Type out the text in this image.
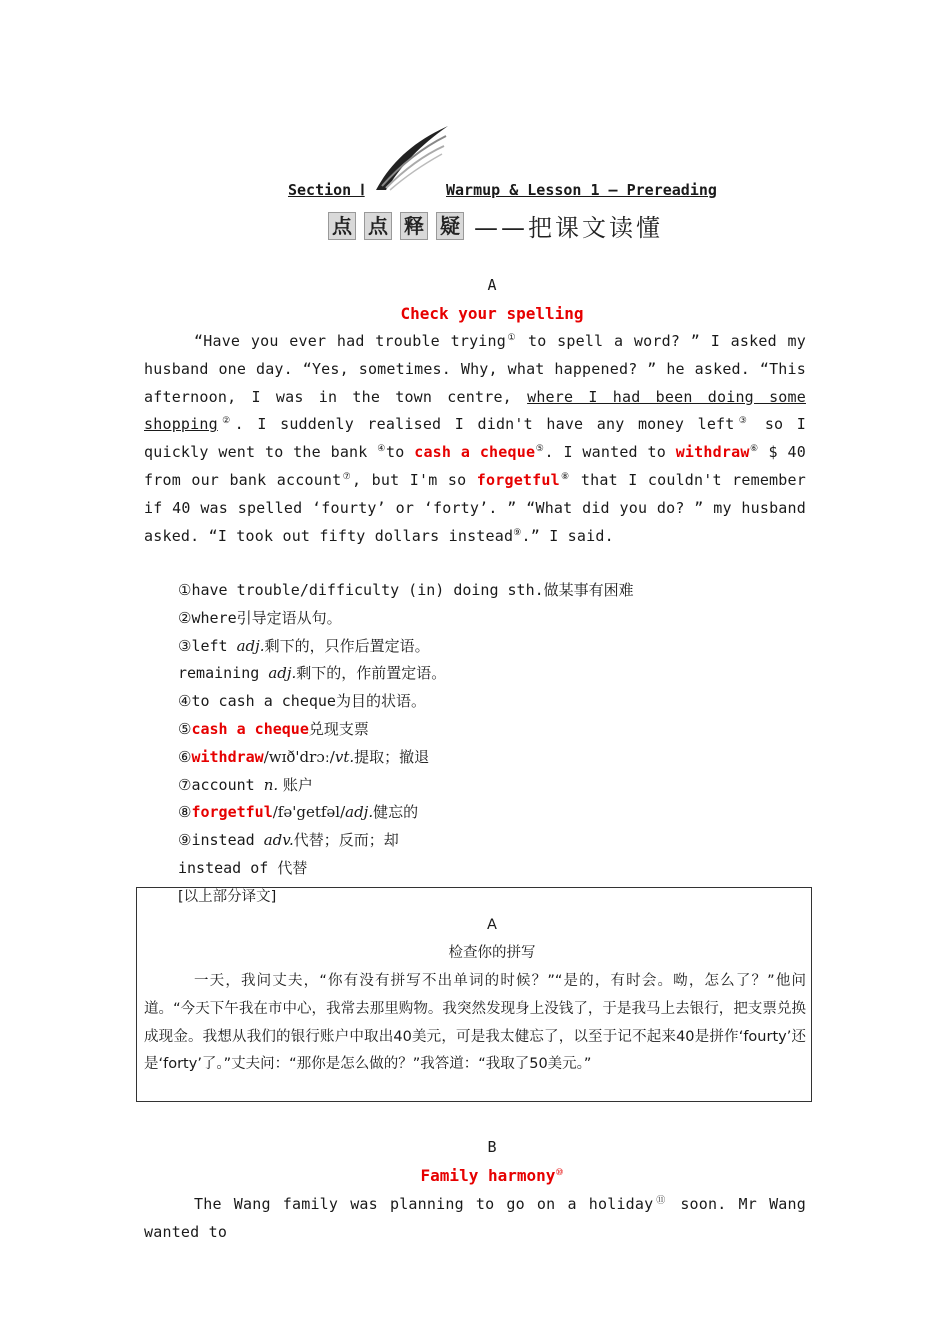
Section Ⅰ	Warmup & Lesson 1 — Prereading
点 点 释 疑 ——把课文读懂
A
Check your spelling
“Have you ever had trouble trying① to spell a word? ” I asked my husband one day. “Yes, sometimes. Why, what happened? ” he asked. “This afternoon, I was in the town centre, where I had been doing some shopping②. I suddenly realised I didn't have any money left③ so I quickly went to the bank ④to cash a cheque⑤. I wanted to withdraw⑥ $ 40 from our bank account⑦, but I'm so forgetful⑧ that I couldn't remember if 40 was spelled ‘fourty’ or ‘forty’. ” “What did you do? ” my husband asked. “I took out fifty dollars instead⑨.” I said.
①have trouble/difficulty (in) doing sth.做某事有困难
②where引导定语从句。
③left adj.剩下的，只作后置定语。
remaining adj.剩下的，作前置定语。
④to cash a cheque为目的状语。
⑤cash a cheque兑现支票
⑥withdraw/wɪð'drɔː/vt.提取；撤退
⑦account n. 账户
⑧forgetful/fə'getfəl/adj.健忘的
⑨instead adv.代替；反而；却
instead of 代替
[以上部分译文]
A
检查你的拼写
一天，我问丈夫，“你有没有拼写不出单词的时候？”“是的，有时会。呦，怎么了？”他问道。“今天下午我在市中心，我常去那里购物。我突然发现身上没钱了，于是我马上去银行，把支票兑换成现金。我想从我们的银行账户中取出40美元，可是我太健忘了，以至于记不起来40是拼作‘fourty’还是‘forty’了。”丈夫问：“那你是怎么做的？”我答道：“我取了50美元。”
B
Family harmony⑩
The Wang family was planning to go on a holiday⑪ soon. Mr Wang wanted to
